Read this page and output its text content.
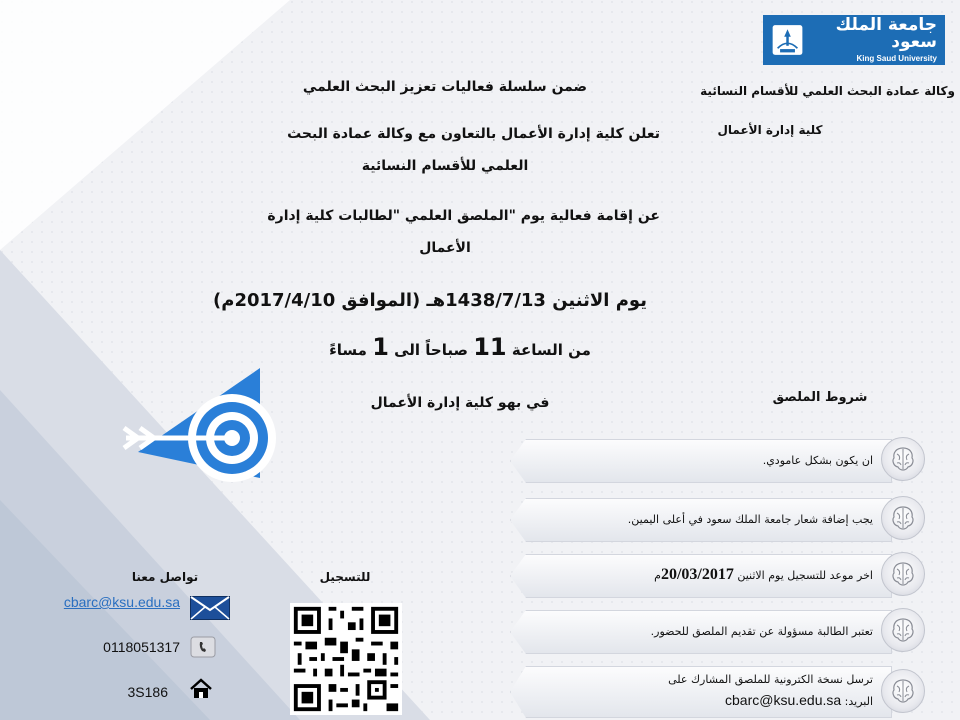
جامعة الملك سعود
King Saud University
وكالة عمادة البحث العلمي للأقسام النسائية
كلية إدارة الأعمال
ضمن سلسلة فعاليات تعزيز البحث العلمي
تعلن كلية إدارة الأعمال بالتعاون مع وكالة عمادة البحث
العلمي للأقسام النسائية
عن إقامة فعالية يوم "الملصق العلمي "لطالبات كلية إدارة
الأعمال
يوم الاثنين 1438/7/13هـ (الموافق 2017/4/10م)
من الساعة 11 صباحاً الى 1 مساءً
في بهو كلية إدارة الأعمال	شروط الملصق
ان يكون بشكل عامودي.
يجب إضافة شعار جامعة الملك سعود في أعلى اليمين.
اخر موعد للتسجيل يوم الاثنين

20/03/2017
م
تعتبر الطالبة مسؤولة عن تقديم الملصق للحضور.
ترسل نسخة الكترونية للملصق المشارك على
البريد: cbarc@ksu.edu.sa
للتسجيل
تواصل معنا
cbarc@ksu.edu.sa
0118051317
3S186
